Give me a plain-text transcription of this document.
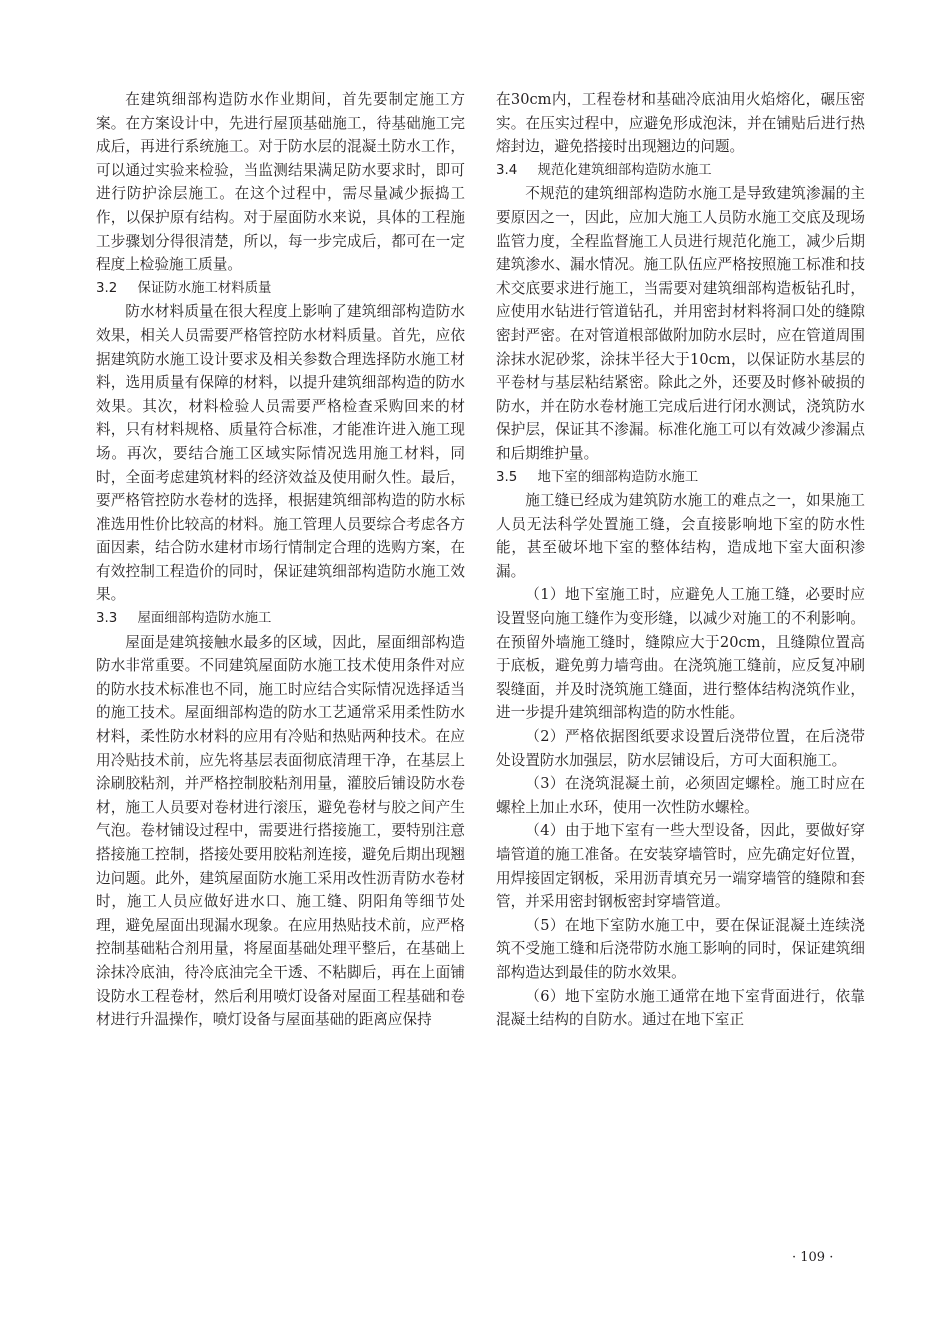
在建筑细部构造防水作业期间，首先要制定施工方案。在方案设计中，先进行屋顶基础施工，待基础施工完成后，再进行系统施工。对于防水层的混凝土防水工作，可以通过实验来检验，当监测结果满足防水要求时，即可进行防护涂层施工。在这个过程中，需尽量减少振捣工作，以保护原有结构。对于屋面防水来说，具体的工程施工步骤划分得很清楚，所以，每一步完成后，都可在一定程度上检验施工质量。

3.2 保证防水施工材料质量

防水材料质量在很大程度上影响了建筑细部构造防水效果，相关人员需要严格管控防水材料质量。首先，应依据建筑防水施工设计要求及相关参数合理选择防水施工材料，选用质量有保障的材料，以提升建筑细部构造的防水效果。其次，材料检验人员需要严格检查采购回来的材料，只有材料规格、质量符合标准，才能准许进入施工现场。再次，要结合施工区域实际情况选用施工材料，同时，全面考虑建筑材料的经济效益及使用耐久性。最后，要严格管控防水卷材的选择，根据建筑细部构造的防水标准选用性价比较高的材料。施工管理人员要综合考虑各方面因素，结合防水建材市场行情制定合理的选购方案，在有效控制工程造价的同时，保证建筑细部构造防水施工效果。

3.3 屋面细部构造防水施工

屋面是建筑接触水最多的区域，因此，屋面细部构造防水非常重要。不同建筑屋面防水施工技术使用条件对应的防水技术标准也不同，施工时应结合实际情况选择适当的施工技术。屋面细部构造的防水工艺通常采用柔性防水材料，柔性防水材料的应用有冷贴和热贴两种技术。在应用冷贴技术前，应先将基层表面彻底清理干净，在基层上涂刷胶粘剂，并严格控制胶粘剂用量，灌胶后铺设防水卷材，施工人员要对卷材进行滚压，避免卷材与胶之间产生气泡。卷材铺设过程中，需要进行搭接施工，要特别注意搭接施工控制，搭接处要用胶粘剂连接，避免后期出现翘边问题。此外，建筑屋面防水施工采用改性沥青防水卷材时，施工人员应做好进水口、施工缝、阴阳角等细节处理，避免屋面出现漏水现象。在应用热贴技术前，应严格控制基础粘合剂用量，将屋面基础处理平整后，在基础上涂抹冷底油，待冷底油完全干透、不粘脚后，再在上面铺设防水工程卷材，然后利用喷灯设备对屋面工程基础和卷材进行升温操作，喷灯设备与屋面基础的距离应保持

在30cm内，工程卷材和基础冷底油用火焰熔化，碾压密实。在压实过程中，应避免形成泡沫，并在铺贴后进行热熔封边，避免搭接时出现翘边的问题。

3.4 规范化建筑细部构造防水施工

不规范的建筑细部构造防水施工是导致建筑渗漏的主要原因之一，因此，应加大施工人员防水施工交底及现场监管力度，全程监督施工人员进行规范化施工，减少后期建筑渗水、漏水情况。施工队伍应严格按照施工标准和技术交底要求进行施工，当需要对建筑细部构造板钻孔时，应使用水钻进行管道钻孔，并用密封材料将洞口处的缝隙密封严密。在对管道根部做附加防水层时，应在管道周围涂抹水泥砂浆，涂抹半径大于10cm，以保证防水基层的平卷材与基层粘结紧密。除此之外，还要及时修补破损的防水，并在防水卷材施工完成后进行闭水测试，浇筑防水保护层，保证其不渗漏。标准化施工可以有效减少渗漏点和后期维护量。

3.5 地下室的细部构造防水施工

施工缝已经成为建筑防水施工的难点之一，如果施工人员无法科学处置施工缝，会直接影响地下室的防水性能，甚至破坏地下室的整体结构，造成地下室大面积渗漏。

（1）地下室施工时，应避免人工施工缝，必要时应设置竖向施工缝作为变形缝，以减少对施工的不利影响。在预留外墙施工缝时，缝隙应大于20cm，且缝隙位置高于底板，避免剪力墙弯曲。在浇筑施工缝前，应反复冲刷裂缝面，并及时浇筑施工缝面，进行整体结构浇筑作业，进一步提升建筑细部构造的防水性能。

（2）严格依据图纸要求设置后浇带位置，在后浇带处设置防水加强层，防水层铺设后，方可大面积施工。

（3）在浇筑混凝土前，必须固定螺栓。施工时应在螺栓上加止水环，使用一次性防水螺栓。

（4）由于地下室有一些大型设备，因此，要做好穿墙管道的施工准备。在安装穿墙管时，应先确定好位置，用焊接固定钢板，采用沥青填充另一端穿墙管的缝隙和套管，并采用密封钢板密封穿墙管道。

（5）在地下室防水施工中，要在保证混凝土连续浇筑不受施工缝和后浇带防水施工影响的同时，保证建筑细部构造达到最佳的防水效果。

（6）地下室防水施工通常在地下室背面进行，依靠混凝土结构的自防水。通过在地下室正

· 109 ·
